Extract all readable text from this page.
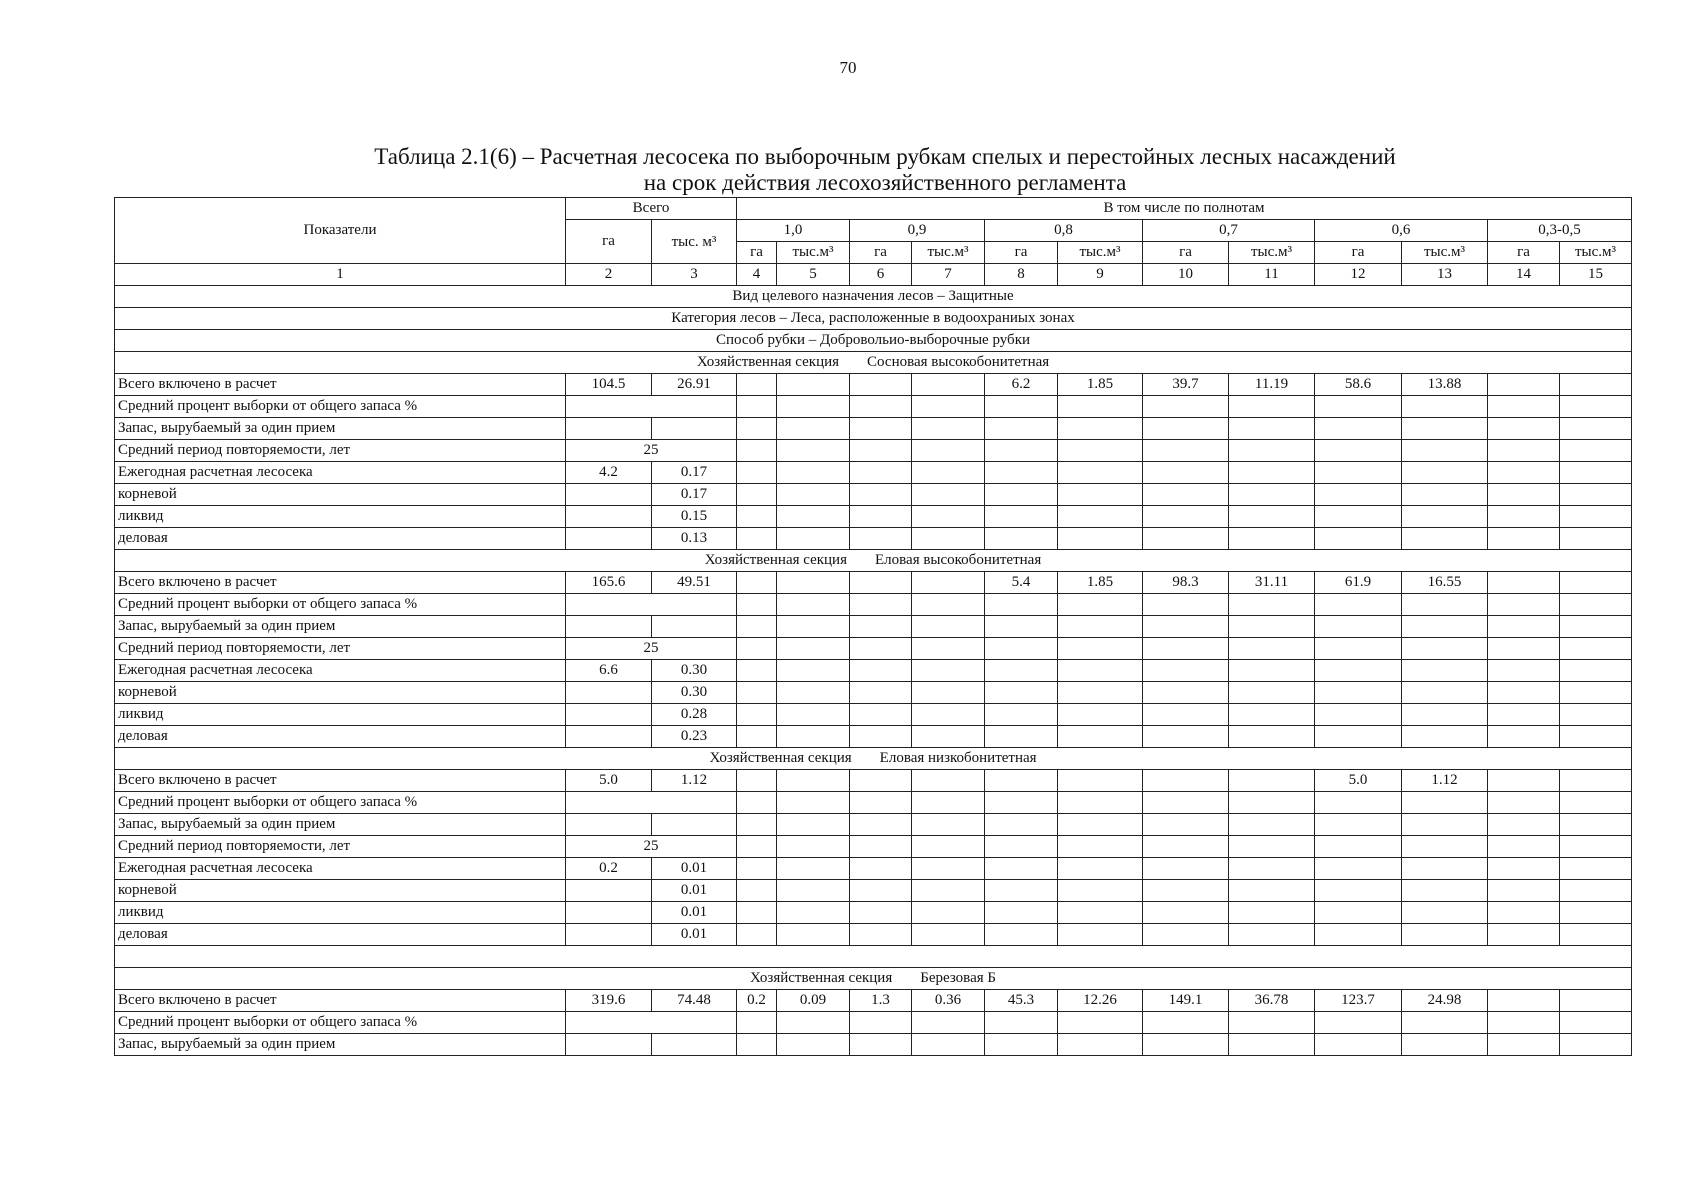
70
Таблица 2.1(6) – Расчетная лесосека по выборочным рубкам спелых и перестойных лесных насаждений
на срок действия лесохозяйственного регламента
Показатели	Всего		В том числе по полнотам											
	га	тыс. м³	1,0		0,9		0,8		0,7		0,6		0,3-0,5	
			га	тыс.м³	га	тыс.м³	га	тыс.м³	га	тыс.м³	га	тыс.м³	га	тыс.м³
1	2	3	4	5	6	7	8	9	10	11	12	13	14	15
Вид целевого назначения лесов – Защитные														
Категория лесов – Леса, расположенные в водоохраниых зонах														
Способ рубки – Добровольио-выборочные рубки														
Хозяйственная секция Сосновая высокобонитетная														
Всего включено в расчет	104.5	26.91					6.2	1.85	39.7	11.19	58.6	13.88		
Средний процент выборки от общего запаса %														
Запас, вырубаемый за один прием														
Средний период повторяемости, лет	25													
Ежегодная расчетная лесосека	4.2	0.17												
корневой		0.17												
ликвид		0.15												
деловая		0.13												
Хозяйственная секция Еловая высокобонитетная														
Всего включено в расчет	165.6	49.51					5.4	1.85	98.3	31.11	61.9	16.55		
Средний процент выборки от общего запаса %														
Запас, вырубаемый за один прием														
Средний период повторяемости, лет	25													
Ежегодная расчетная лесосека	6.6	0.30												
корневой		0.30												
ликвид		0.28												
деловая		0.23												
Хозяйственная секция Еловая низкобонитетная														
Всего включено в расчет	5.0	1.12									5.0	1.12		
Средний процент выборки от общего запаса %														
Запас, вырубаемый за один прием														
Средний период повторяемости, лет	25													
Ежегодная расчетная лесосека	0.2	0.01												
корневой		0.01												
ликвид		0.01												
деловая		0.01												

Хозяйственная секция Березовая Б														
Всего включено в расчет	319.6	74.48	0.2	0.09	1.3	0.36	45.3	12.26	149.1	36.78	123.7	24.98		
Средний процент выборки от общего запаса %														
Запас, вырубаемый за один прием														
